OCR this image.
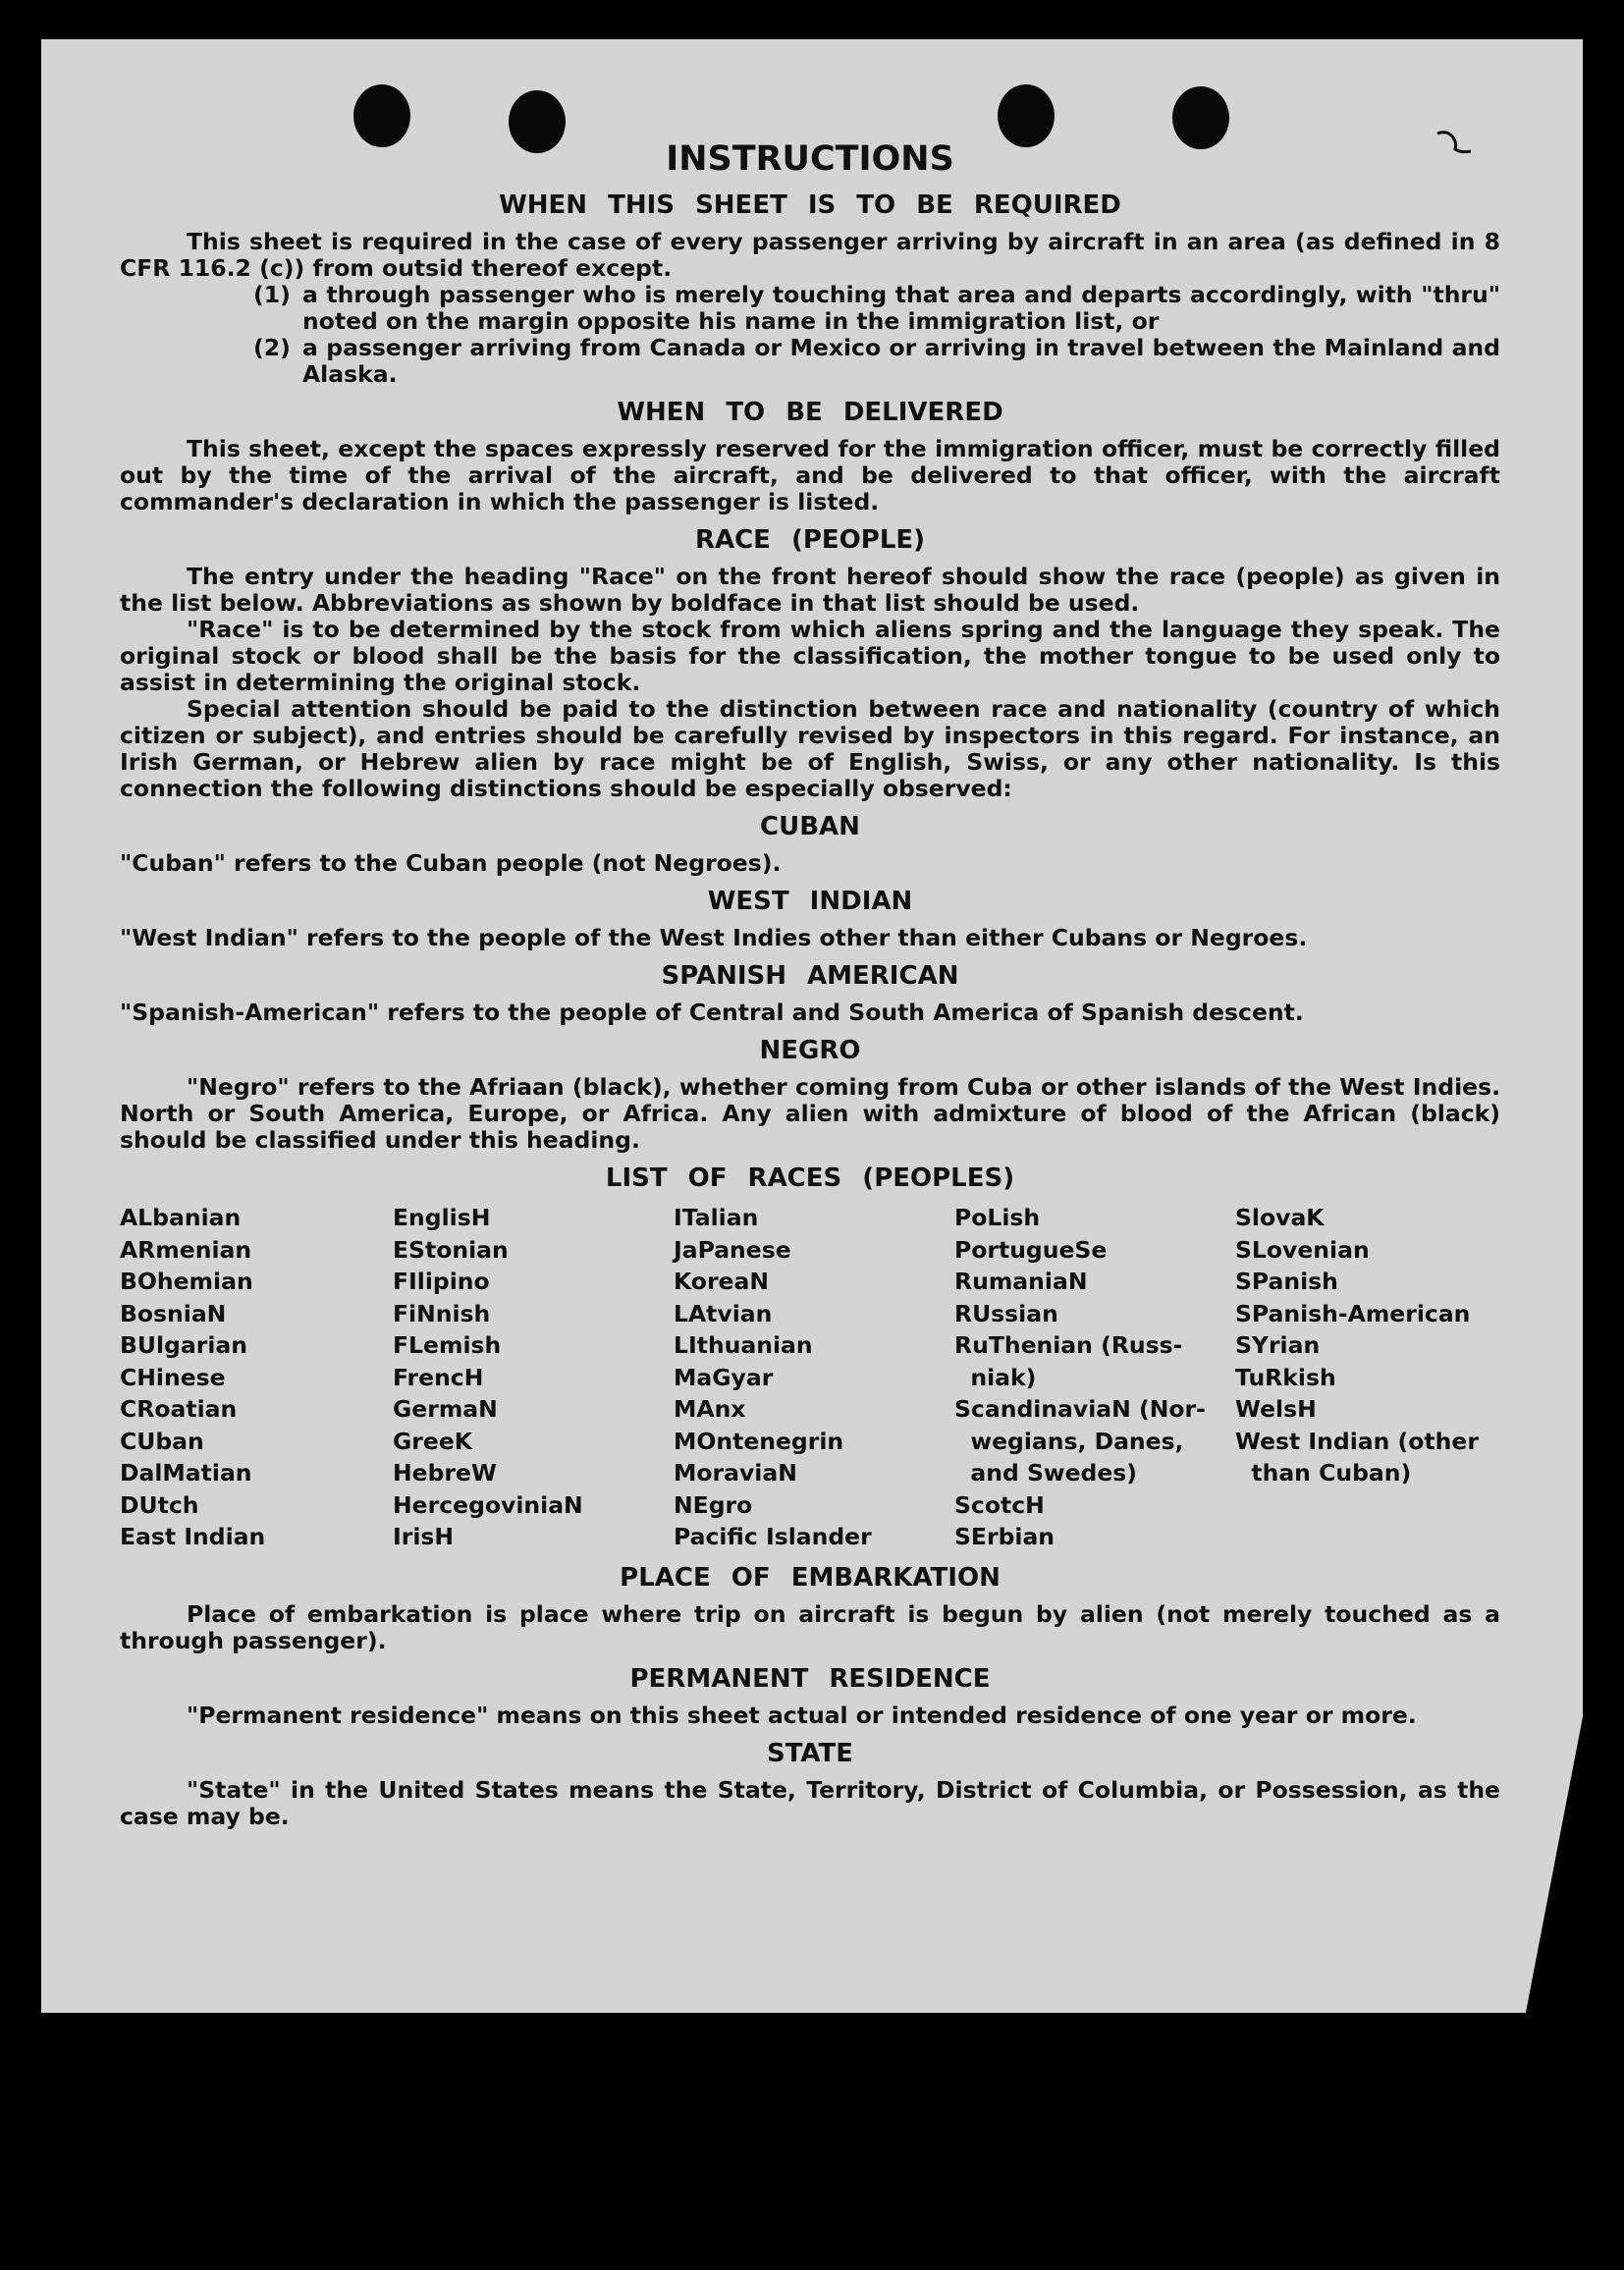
INSTRUCTIONS
WHEN THIS SHEET IS TO BE REQUIRED

This sheet is required in the case of every passenger arriving by aircraft in an area (as defined in 8 CFR 116.2 (c)) from outsid thereof except.

(1) a through passenger who is merely touching that area and departs accordingly, with "thru" noted on the margin opposite his name in the immigration list, or
(2) a passenger arriving from Canada or Mexico or arriving in travel between the Mainland and Alaska.
WHEN TO BE DELIVERED

This sheet, except the spaces expressly reserved for the immigration officer, must be correctly filled out by the time of the arrival of the aircraft, and be delivered to that officer, with the aircraft commander's declaration in which the passenger is listed.

RACE (PEOPLE)

The entry under the heading "Race" on the front hereof should show the race (people) as given in the list below. Abbreviations as shown by boldface in that list should be used.

"Race" is to be determined by the stock from which aliens spring and the language they speak. The original stock or blood shall be the basis for the classification, the mother tongue to be used only to assist in determining the original stock.

Special attention should be paid to the distinction between race and nationality (country of which citizen or subject), and entries should be carefully revised by inspectors in this regard. For instance, an Irish German, or Hebrew alien by race might be of English, Swiss, or any other nationality. Is this connection the following distinctions should be especially observed:

CUBAN

"Cuban" refers to the Cuban people (not Negroes).

WEST INDIAN

"West Indian" refers to the people of the West Indies other than either Cubans or Negroes.

SPANISH AMERICAN

"Spanish-American" refers to the people of Central and South America of Spanish descent.

NEGRO

"Negro" refers to the Afriaan (black), whether coming from Cuba or other islands of the West Indies. North or South America, Europe, or Africa. Any alien with admixture of blood of the African (black) should be classified under this heading.

LIST OF RACES (PEOPLES)
ALbanian
ARmenian
BOhemian
BosniaN
BUlgarian
CHinese
CRoatian
CUban
DalMatian
DUtch
East Indian
EnglisH
EStonian
FIlipino
FiNnish
FLemish
FrencH
GermaN
GreeK
HebreW
HercegoviniaN
IrisH
ITalian
JaPanese
KoreaN
LAtvian
LIthuanian
MaGyar
MAnx
MOntenegrin
MoraviaN
NEgro
Pacific Islander
PoLish
PortugueSe
RumaniaN
RUssian
RuThenian (Russ-
niak)
ScandinaviaN (Nor-
wegians, Danes,
and Swedes)
ScotcH
SErbian
SlovaK
SLovenian
SPanish
SPanish-American
SYrian
TuRkish
WelsH
West Indian (other
than Cuban)
PLACE OF EMBARKATION

Place of embarkation is place where trip on aircraft is begun by alien (not merely touched as a through passenger).

PERMANENT RESIDENCE

"Permanent residence" means on this sheet actual or intended residence of one year or more.

STATE

"State" in the United States means the State, Territory, District of Columbia, or Possession, as the case may be.
